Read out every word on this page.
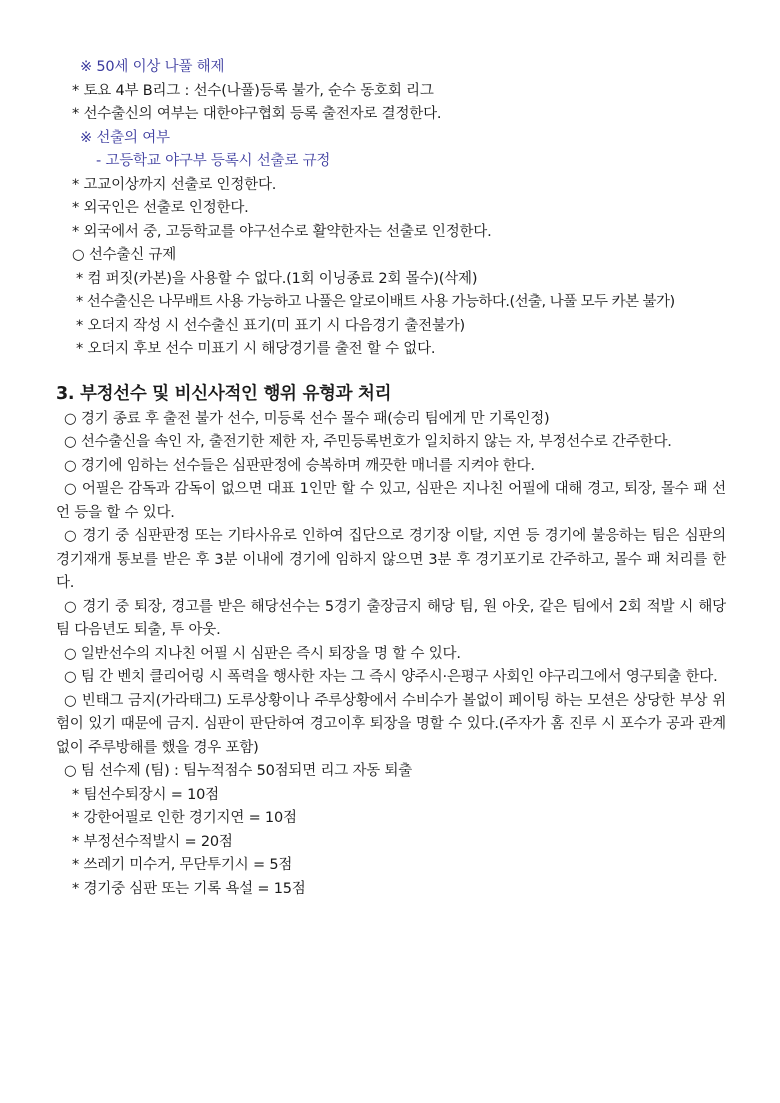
※ 50세 이상 나풀 해제
* 토요 4부 B리그 : 선수(나풀)등록 불가, 순수 동호회 리그
* 선수출신의 여부는 대한야구협회 등록 출전자로 결정한다.
※ 선출의 여부
- 고등학교 야구부 등록시 선출로 규정
* 고교이상까지 선출로 인정한다.
* 외국인은 선출로 인정한다.
* 외국에서 중, 고등학교를 야구선수로 활약한자는 선출로 인정한다.
○ 선수출신 규제
* 컴 퍼짓(카본)을 사용할 수 없다.(1회 이닝종료 2회 몰수)(삭제)
* 선수출신은 나무배트 사용 가능하고 나풀은 알로이배트 사용 가능하다.(선출, 나풀 모두 카본 불가)
* 오더지 작성 시 선수출신 표기(미 표기 시 다음경기 출전불가)
* 오더지 후보 선수 미표기 시 해당경기를 출전 할 수 없다.
3. 부정선수 및 비신사적인 행위 유형과 처리
○ 경기 종료 후 출전 불가 선수, 미등록 선수 몰수 패(승리 팀에게 만 기록인정)
○ 선수출신을 속인 자, 출전기한 제한 자, 주민등록번호가 일치하지 않는 자, 부정선수로 간주한다.
○ 경기에 임하는 선수들은 심판판정에 승복하며 깨끗한 매너를 지켜야 한다.
○ 어필은 감독과 감독이 없으면 대표 1인만 할 수 있고, 심판은 지나친 어필에 대해 경고, 퇴장, 몰수 패 선언 등을 할 수 있다.
○ 경기 중 심판판정 또는 기타사유로 인하여 집단으로 경기장 이탈, 지연 등 경기에 불응하는 팀은 심판의 경기재개 통보를 받은 후 3분 이내에 경기에 임하지 않으면 3분 후 경기포기로 간주하고, 몰수 패 처리를 한다.
○ 경기 중 퇴장, 경고를 받은 해당선수는 5경기 출장금지 해당 팀, 원 아웃, 같은 팀에서 2회 적발 시 해당 팀 다음년도 퇴출, 투 아웃.
○ 일반선수의 지나친 어필 시 심판은 즉시 퇴장을 명 할 수 있다.
○ 팀 간 벤치 클리어링 시 폭력을 행사한 자는 그 즉시 양주시·은평구 사회인 야구리그에서 영구퇴출 한다.
○ 빈태그 금지(가라태그) 도루상황이나 주루상황에서 수비수가 볼없이 페이팅 하는 모션은 상당한 부상 위험이 있기 때문에 금지. 심판이 판단하여 경고이후 퇴장을 명할 수 있다.(주자가 홈 진루 시 포수가 공과 관계없이 주루방해를 했을 경우 포함)
○ 팀 선수제 (팀) : 팀누적점수 50점되면 리그 자동 퇴출
* 팀선수퇴장시 = 10점
* 강한어필로 인한 경기지연 = 10점
* 부정선수적발시 = 20점
* 쓰레기 미수거, 무단투기시 = 5점
* 경기중 심판 또는 기록 욕설 = 15점
